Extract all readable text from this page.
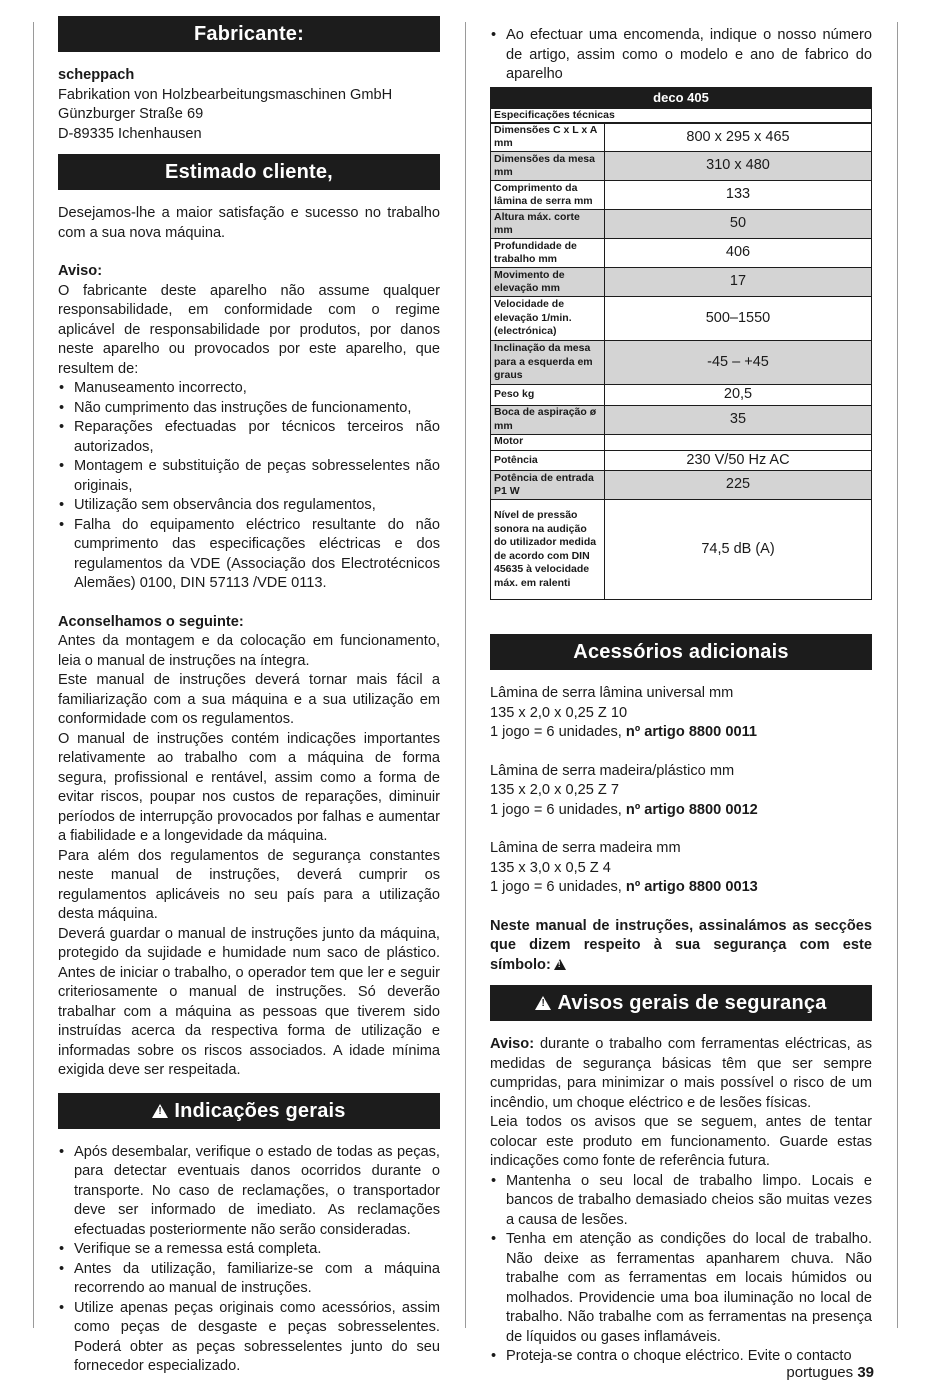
Fabricante:

scheppach

Fabrikation von Holzbearbeitungsmaschinen GmbH

Günzburger Straße 69

D-89335 Ichenhausen

Estimado cliente,

Desejamos-lhe a maior satisfação e sucesso no trabalho com a sua nova máquina.

Aviso:

O fabricante deste aparelho não assume qualquer responsabilidade, em conformidade com o regime aplicável de responsabilidade por produtos, por danos neste aparelho ou provocados por este aparelho, que resultem de:

• Manuseamento incorrecto,
• Não cumprimento das instruções de funcionamento,
• Reparações efectuadas por técnicos terceiros não autorizados,
• Montagem e substituição de peças sobresselentes não originais,
• Utilização sem observância dos regulamentos,
• Falha do equipamento eléctrico resultante do não cumprimento das especificações eléctricas e dos regulamentos da VDE (Associação dos Electrotécnicos Alemães) 0100, DIN 57113 /VDE 0113.

Aconselhamos o seguinte:

Antes da montagem e da colocação em funcionamento, leia o manual de instruções na íntegra.

Este manual de instruções deverá tornar mais fácil a familiarização com a sua máquina e a sua utilização em conformidade com os regulamentos.

O manual de instruções contém indicações importantes relativamente ao trabalho com a máquina de forma segura, profissional e rentável, assim como a forma de evitar riscos, poupar nos custos de reparações, diminuir períodos de interrupção provocados por falhas e aumentar a fiabilidade e a longevidade da máquina.

Para além dos regulamentos de segurança constantes neste manual de instruções, deverá cumprir os regulamentos aplicáveis no seu país para a utilização desta máquina.

Deverá guardar o manual de instruções junto da máquina, protegido da sujidade e humidade num saco de plástico. Antes de iniciar o trabalho, o operador tem que ler e seguir criteriosamente o manual de instruções. Só deverão trabalhar com a máquina as pessoas que tiverem sido instruídas acerca da respectiva forma de utilização e informadas sobre os riscos associados. A idade mínima exigida deve ser respeitada.

!Indicações gerais
• Após desembalar, verifique o estado de todas as peças, para detectar eventuais danos ocorridos durante o transporte. No caso de reclamações, o transportador deve ser informado de imediato. As reclamações efectuadas posteriormente não serão consideradas.
• Verifique se a remessa está completa.
• Antes da utilização, familiarize-se com a máquina recorrendo ao manual de instruções.
• Utilize apenas peças originais como acessórios, assim como peças de desgaste e peças sobresselentes. Poderá obter as peças sobresselentes junto do seu fornecedor especializado.
• Ao efectuar uma encomenda, indique o nosso número de artigo, assim como o modelo e ano de fabrico do aparelho
deco 405	
Especificações técnicas	
Dimensões C x L x A mm	800 x 295 x 465
Dimensões da mesa mm	310 x 480
Comprimento da lâmina de serra mm	133
Altura máx. corte mm	50
Profundidade de trabalho mm	406
Movimento de elevação mm	17
Velocidade de elevação 1/min. (electrónica)	500–1550
Inclinação da mesa para a esquerda em graus	-45 – +45
Peso kg	20,5
Boca de aspiração ø mm	35
Motor	
Potência	230 V/50 Hz AC
Potência de entrada P1 W	225
Nível de pressão sonora na audição do utilizador medida de acordo com DIN 45635 à velocidade máx. em ralenti	74,5 dB (A)
Acessórios adicionais

Lâmina de serra lâmina universal mm

135 x 2,0 x 0,25 Z 10

1 jogo = 6 unidades, nº artigo 8800 0011

Lâmina de serra madeira/plástico mm

135 x 2,0 x 0,25 Z 7

1 jogo = 6 unidades, nº artigo 8800 0012

Lâmina de serra madeira mm

135 x 3,0 x 0,5 Z 4

1 jogo = 6 unidades, nº artigo 8800 0013

Neste manual de instruções, assinalámos as secções que dizem respeito à sua segurança com este símbolo:!

!Avisos gerais de segurança

Aviso: durante o trabalho com ferramentas eléctricas, as medidas de segurança básicas têm que ser sempre cumpridas, para minimizar o mais possível o risco de um incêndio, um choque eléctrico e de lesões físicas.

Leia todos os avisos que se seguem, antes de tentar colocar este produto em funcionamento. Guarde estas indicações como fonte de referência futura.

• Mantenha o seu local de trabalho limpo. Locais e bancos de trabalho demasiado cheios são muitas vezes a causa de lesões.
• Tenha em atenção as condições do local de trabalho. Não deixe as ferramentas apanharem chuva. Não trabalhe com as ferramentas em locais húmidos ou molhados. Providencie uma boa iluminação no local de trabalho. Não trabalhe com as ferramentas na presença de líquidos ou gases inflamáveis.
• Proteja-se contra o choque eléctrico. Evite o contacto
portugues 39
